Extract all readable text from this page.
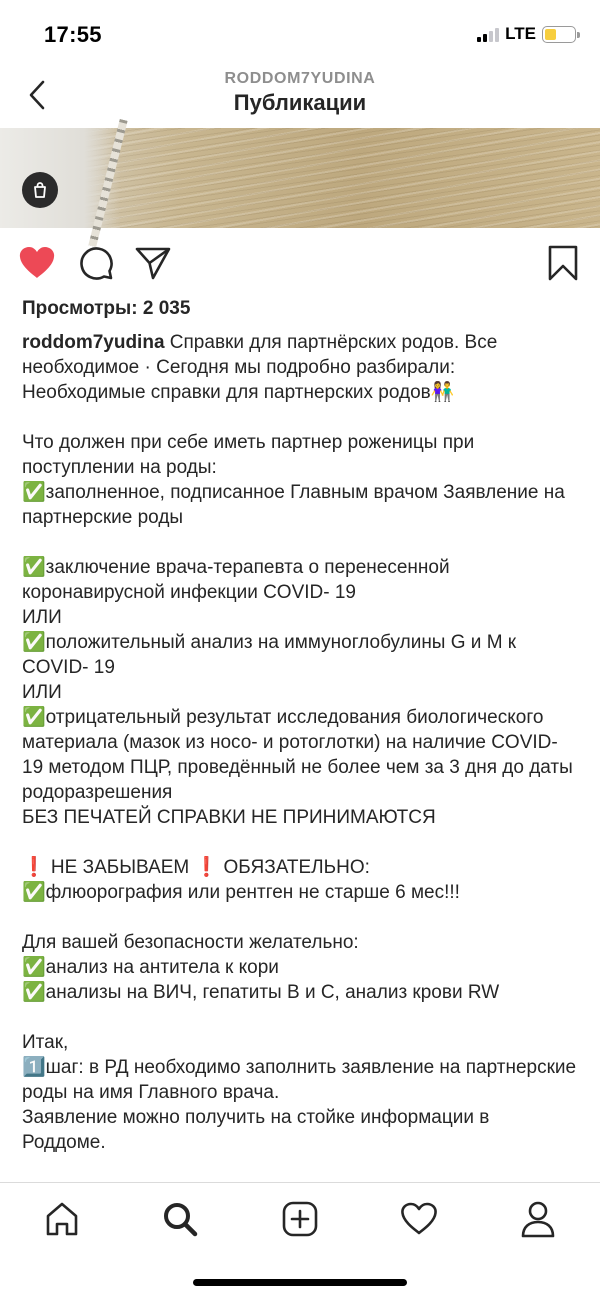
17:55	LTE
RODDOM7YUDINA
Публикации
Просмотры: 2 035
roddom7yudina Справки для партнёрских родов. Все необходимое · Сегодня мы подробно разбирали: Необходимые справки для партнерских родов👫

Что должен при себе иметь партнер роженицы при поступлении на роды:
✅заполненное, подписанное Главным врачом Заявление на партнерские роды

✅заключение врача-терапевта о перенесенной коронавирусной инфекции COVID- 19
ИЛИ
✅положительный анализ на иммуноглобулины G и M к COVID- 19
ИЛИ
✅отрицательный результат исследования биологического материала (мазок из носо- и ротоглотки) на наличие COVID- 19 методом ПЦР, проведённый не более чем за 3 дня до даты родоразрешения
БЕЗ ПЕЧАТЕЙ СПРАВКИ НЕ ПРИНИМАЮТСЯ

❗️ НЕ ЗАБЫВАЕМ ❗️ ОБЯЗАТЕЛЬНО:
✅флюорография или рентген не старше 6 мес!!!

Для вашей безопасности желательно:
✅анализ на антитела к кори
✅анализы на ВИЧ, гепатиты В и С, анализ крови RW

Итак,
1️⃣шаг: в РД необходимо заполнить заявление на партнерские роды на имя Главного врача.
Заявление можно получить на стойке информации в Роддоме.
